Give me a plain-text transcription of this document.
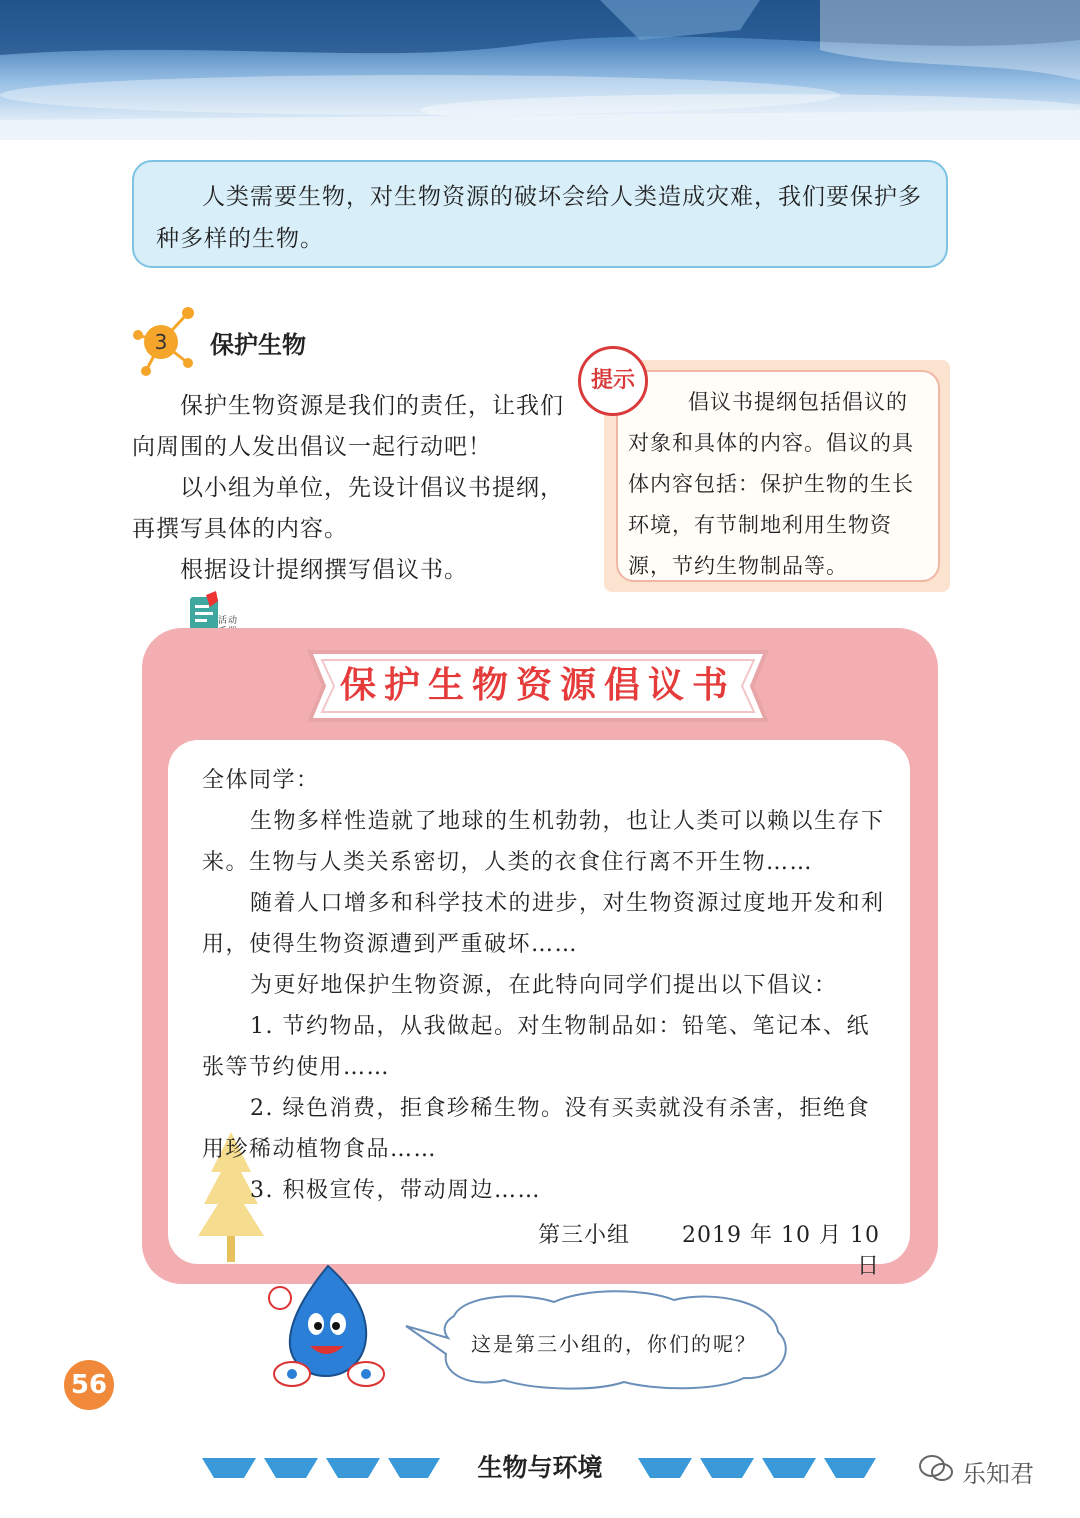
人类需要生物，对生物资源的破坏会给人类造成灾难，我们要保护多种多样的生物。

3	保护生物

保护生物资源是我们的责任，让我们向周围的人发出倡议一起行动吧！

以小组为单位，先设计倡议书提纲，再撰写具体的内容。

根据设计提纲撰写倡议书。
活动

倡议书提纲包括倡议的对象和具体的内容。倡议的具体内容包括：保护生物的生长环境，有节制地利用生物资源，节约生物制品等。

提示
保护生物资源倡议书

全体同学：

生物多样性造就了地球的生机勃勃，也让人类可以赖以生存下来。生物与人类关系密切，人类的衣食住行离不开生物……

随着人口增多和科学技术的进步，对生物资源过度地开发和利用，使得生物资源遭到严重破坏……

为更好地保护生物资源，在此特向同学们提出以下倡议：

1. 节约物品，从我做起。对生物制品如：铅笔、笔记本、纸张等节约使用……

2. 绿色消费，拒食珍稀生物。没有买卖就没有杀害，拒绝食用珍稀动植物食品……

3. 积极宣传，带动周边……

第三小组 2019 年 10 月 10 日
这是第三小组的，你们的呢？
56
生物与环境	乐知君
